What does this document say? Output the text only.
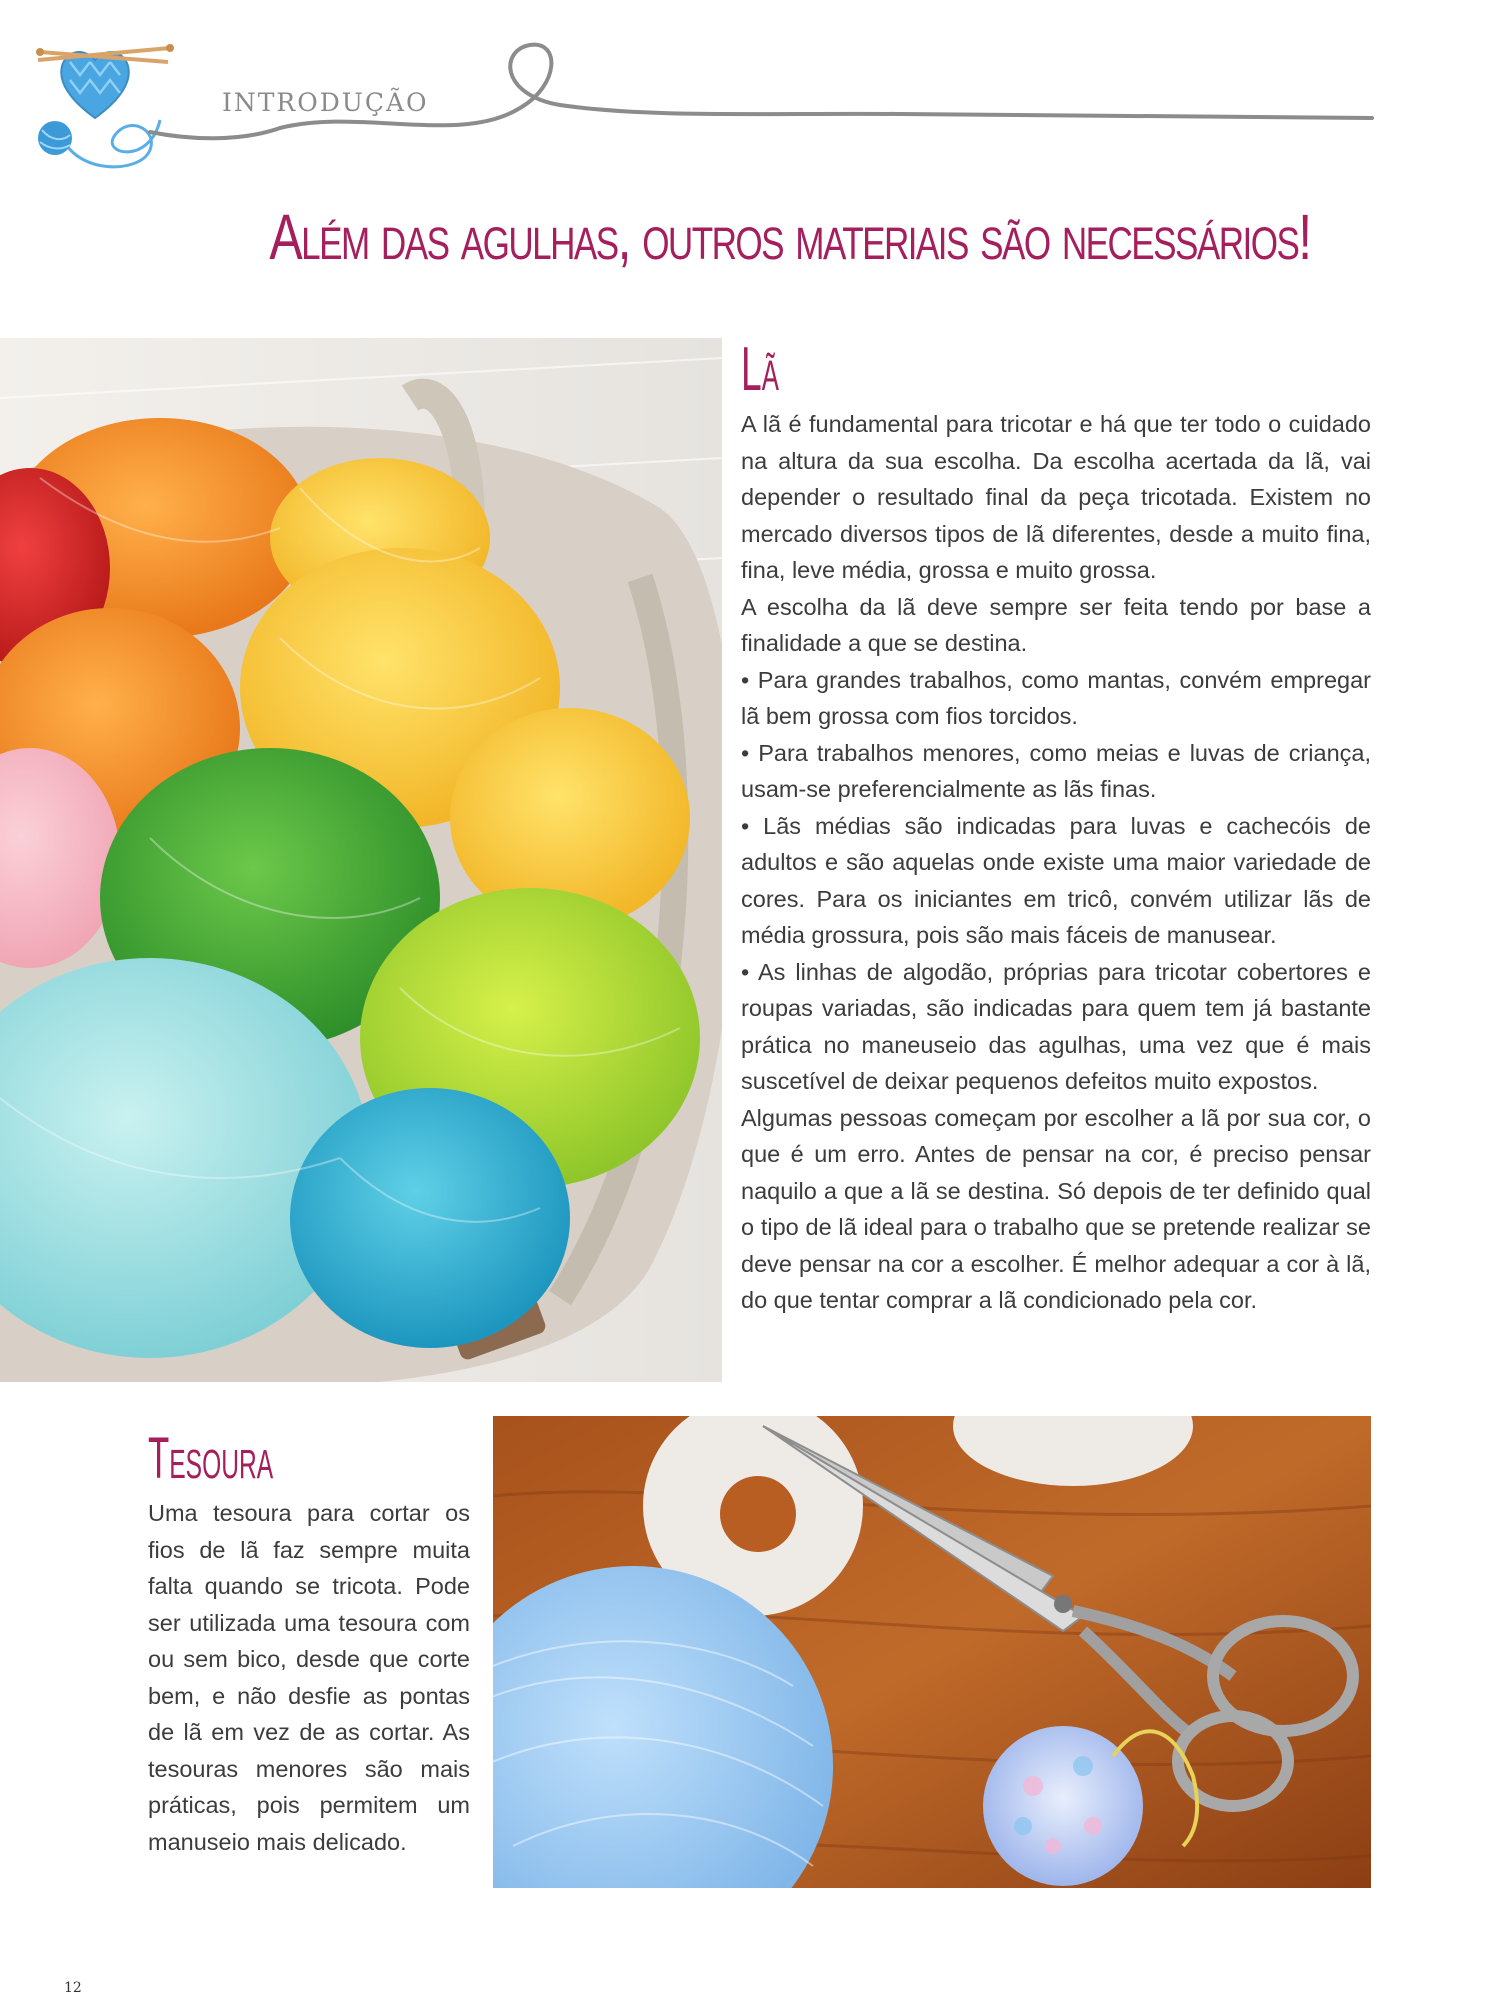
INTRODUÇÃO
Além das agulhas, outros materiais são necessários!
Lã

A lã é fundamental para tricotar e há que ter todo o cuidado na altura da sua escolha. Da escolha acertada da lã, vai depender o resultado final da peça tricotada. Existem no mercado diversos tipos de lã diferentes, desde a muito fina, fina, leve média, grossa e muito grossa.

A escolha da lã deve sempre ser feita tendo por base a finalidade a que se destina.

• Para grandes trabalhos, como mantas, convém empregar lã bem grossa com fios torcidos.

• Para trabalhos menores, como meias e luvas de criança, usam-se preferencialmente as lãs finas.

• Lãs médias são indicadas para luvas e cachecóis de adultos e são aquelas onde existe uma maior variedade de cores. Para os iniciantes em tricô, convém utilizar lãs de média grossura, pois são mais fáceis de manusear.

• As linhas de algodão, próprias para tricotar cobertores e roupas variadas, são indicadas para quem tem já bastante prática no maneuseio das agulhas, uma vez que é mais suscetível de deixar pequenos defeitos muito expostos.

Algumas pessoas começam por escolher a lã por sua cor, o que é um erro. Antes de pensar na cor, é preciso pensar naquilo a que a lã se destina. Só depois de ter definido qual o tipo de lã ideal para o trabalho que se pretende realizar se deve pensar na cor a escolher. É melhor adequar a cor à lã, do que tentar comprar a lã condicionado pela cor.

Tesoura

Uma tesoura para cortar os fios de lã faz sempre muita falta quando se tricota. Pode ser utilizada uma tesoura com ou sem bico, desde que corte bem, e não desfie as pontas de lã em vez de as cortar. As tesouras menores são mais práticas, pois permitem um manuseio mais delicado.

12
